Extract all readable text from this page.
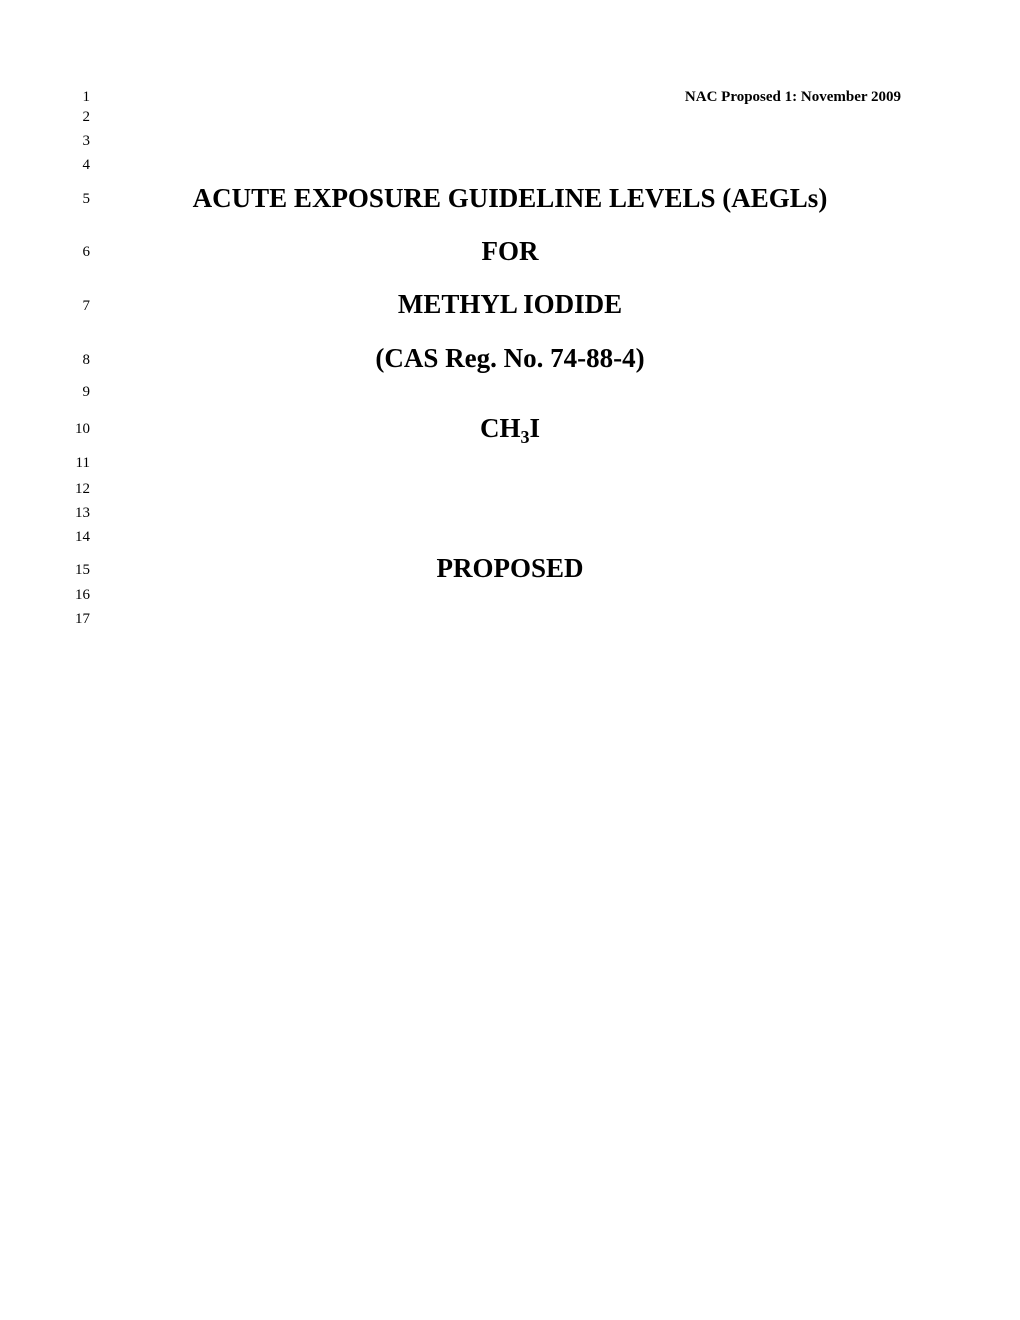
1
2
3
4
5
6
7
8
9
10
11
12
13
14
15
16
17
NAC Proposed 1: November 2009
ACUTE EXPOSURE GUIDELINE LEVELS (AEGLs)
FOR
METHYL IODIDE
(CAS Reg. No. 74-88-4)
$CH_3I$
PROPOSED
